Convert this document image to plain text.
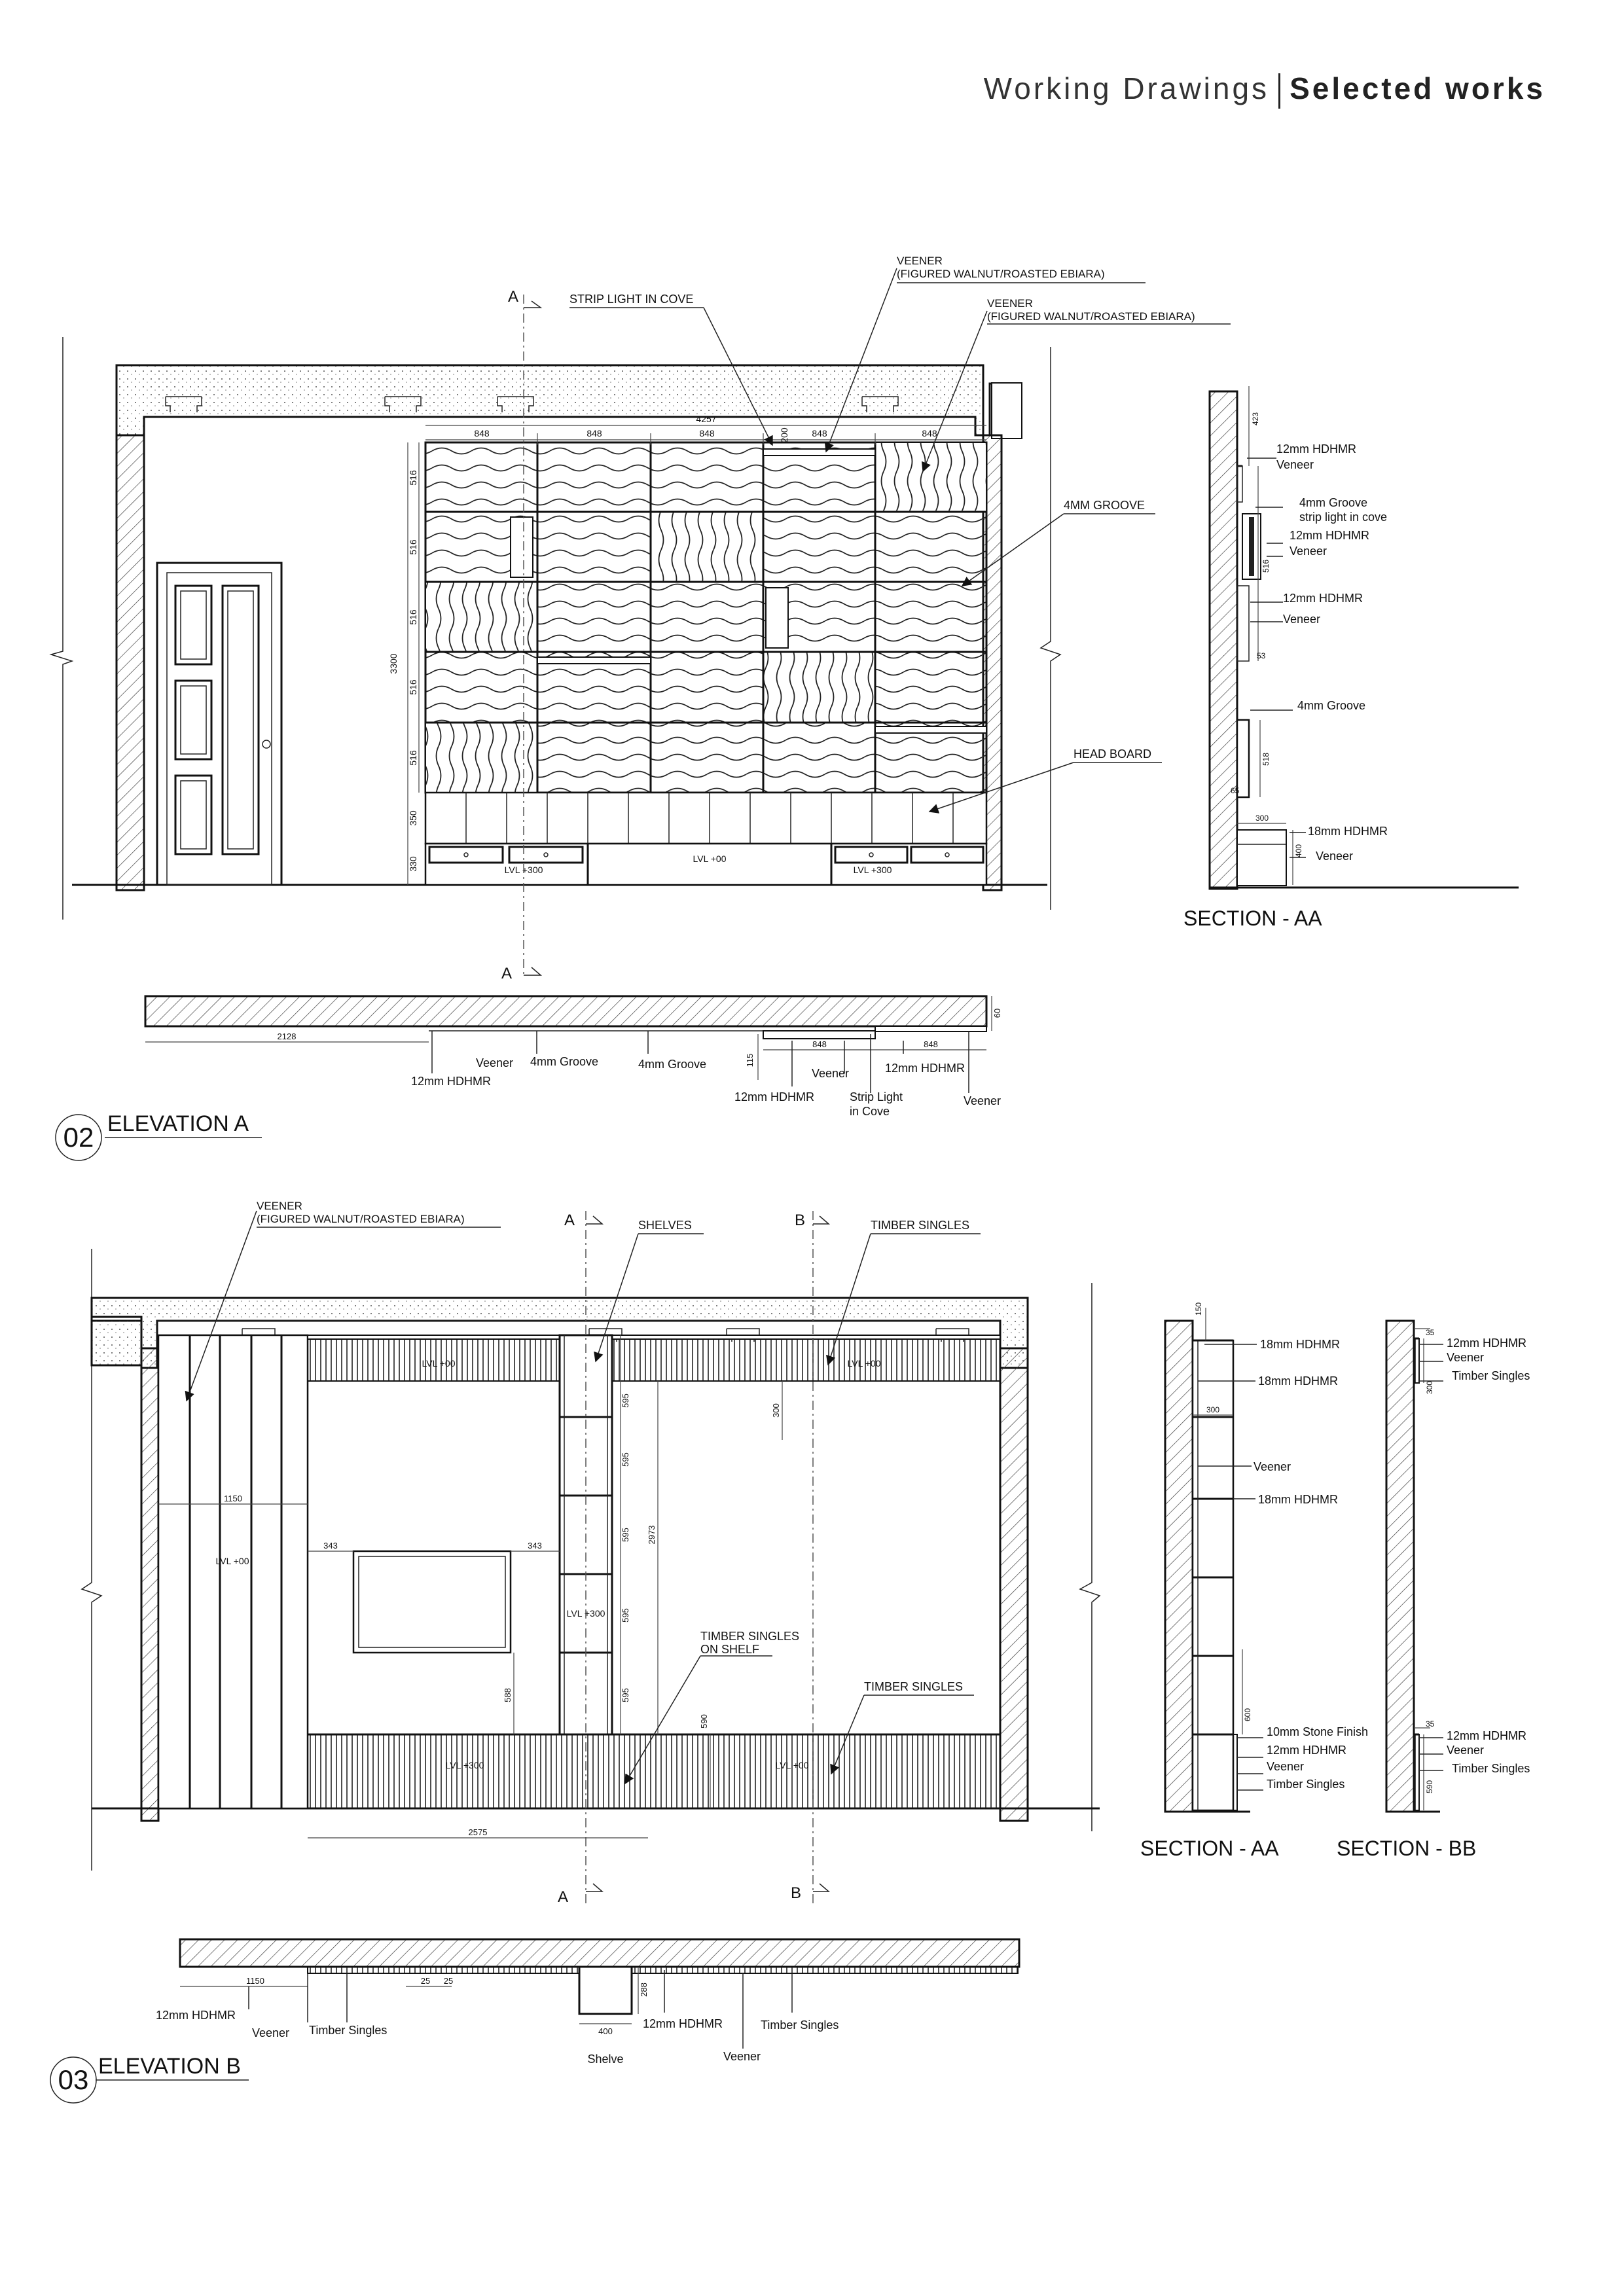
Working Drawings Selected works
LVL +300
LVL +00
LVL +300
A
A
4257
848	848	848	848	848
200
3300
516
516
516
516
516
350
330
STRIP LIGHT IN COVE
VEENER
(FIGURED WALNUT/ROASTED EBIARA)
VEENER
(FIGURED WALNUT/ROASTED EBIARA)
4MM GROOVE
HEAD BOARD
2128
848	848
115
60
12mm HDHMR
Veener 4mm Groove	4mm Groove
12mm HDHMR
Veener
Strip Light
in Cove
12mm HDHMR
Veener
02 ELEVATION A
423
516
53
518
65
300
400
12mm HDHMR
Veneer
4mm Groove
strip light in cove
12mm HDHMR
Veneer
12mm HDHMR
Veneer
4mm Groove
18mm HDHMR
Veneer
SECTION - AA
LVL +00	LVL +00
LVL +00
LVL +300
LVL +300	LVL +00
A	B
A	B
1150
343	343
300
595
595
595
595
595
2973
588
590
2575
VEENER
(FIGURED WALNUT/ROASTED EBIARA)	SHELVES	TIMBER SINGLES
TIMBER SINGLES
ON SHELF
TIMBER SINGLES
1150	25 25
400
288
12mm HDHMR
Veener Timber Singles
Shelve
12mm HDHMR
Veener
Timber Singles
03 ELEVATION B
150
300
600
18mm HDHMR
18mm HDHMR
Veener
18mm HDHMR
10mm Stone Finish
12mm HDHMR
Veener
Timber Singles
SECTION - AA
35
300
35
590
12mm HDHMR
Veener
Timber Singles
12mm HDHMR
Veener
Timber Singles
SECTION - BB
